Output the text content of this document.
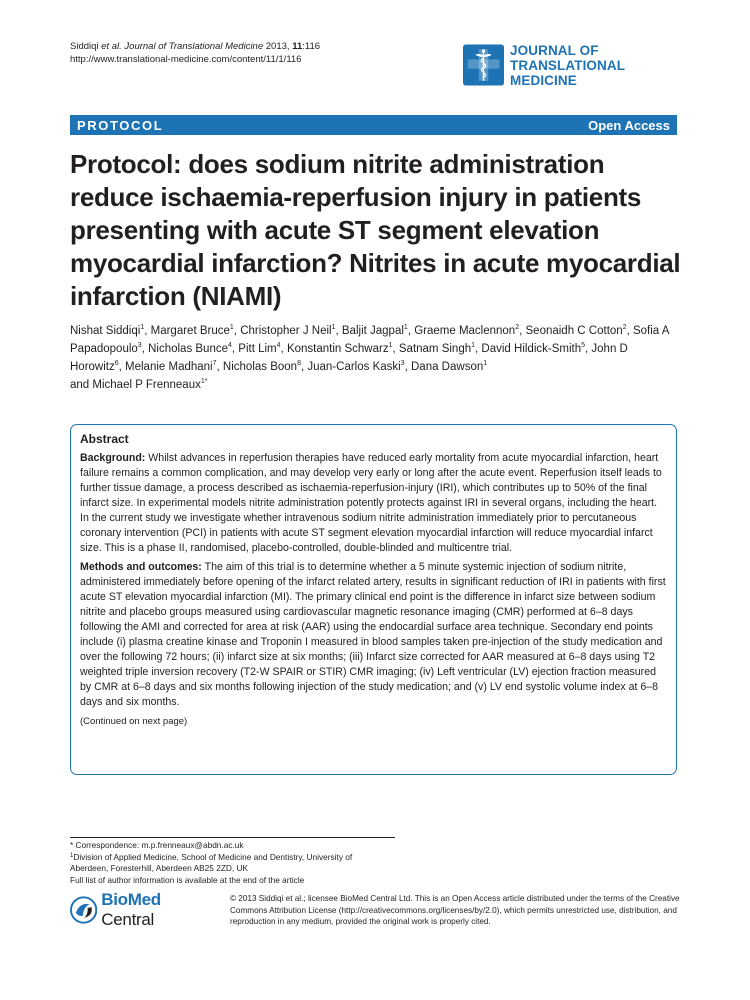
Siddiqi et al. Journal of Translational Medicine 2013, 11:116
http://www.translational-medicine.com/content/11/1/116
JOURNAL OF
TRANSLATIONAL MEDICINE
PROTOCOL	Open Access
Protocol: does sodium nitrite administration reduce ischaemia-reperfusion injury in patients presenting with acute ST segment elevation myocardial infarction? Nitrites in acute myocardial infarction (NIAMI)
Nishat Siddiqi$^1$, Margaret Bruce$^1$, Christopher J Neil$^1$, Baljit Jagpal$^1$, Graeme Maclennon$^2$, Seonaidh C Cotton$^2$, Sofia A Papadopoulo$^3$, Nicholas Bunce$^4$, Pitt Lim$^4$, Konstantin Schwarz$^1$, Satnam Singh$^1$, David Hildick-Smith$^5$, John D Horowitz$^6$, Melanie Madhani$^7$, Nicholas Boon$^8$, Juan-Carlos Kaski$^3$, Dana Dawson$^1$
and Michael P Frenneaux$^{1*}$
Abstract

Background: Whilst advances in reperfusion therapies have reduced early mortality from acute myocardial infarction, heart failure remains a common complication, and may develop very early or long after the acute event. Reperfusion itself leads to further tissue damage, a process described as ischaemia-reperfusion-injury (IRI), which contributes up to 50% of the final infarct size. In experimental models nitrite administration potently protects against IRI in several organs, including the heart. In the current study we investigate whether intravenous sodium nitrite administration immediately prior to percutaneous coronary intervention (PCI) in patients with acute ST segment elevation myocardial infarction will reduce myocardial infarct size. This is a phase II, randomised, placebo-controlled, double-blinded and multicentre trial.

Methods and outcomes: The aim of this trial is to determine whether a 5 minute systemic injection of sodium nitrite, administered immediately before opening of the infarct related artery, results in significant reduction of IRI in patients with first acute ST elevation myocardial infarction (MI). The primary clinical end point is the difference in infarct size between sodium nitrite and placebo groups measured using cardiovascular magnetic resonance imaging (CMR) performed at 6–8 days following the AMI and corrected for area at risk (AAR) using the endocardial surface area technique. Secondary end points include (i) plasma creatine kinase and Troponin I measured in blood samples taken pre-injection of the study medication and over the following 72 hours; (ii) infarct size at six months; (iii) Infarct size corrected for AAR measured at 6–8 days using T2 weighted triple inversion recovery (T2-W SPAIR or STIR) CMR imaging; (iv) Left ventricular (LV) ejection fraction measured by CMR at 6–8 days and six months following injection of the study medication; and (v) LV end systolic volume index at 6–8 days and six months.

(Continued on next page)
* Correspondence: m.p.frenneaux@abdn.ac.uk
$^1$Division of Applied Medicine, School of Medicine and Dentistry, University of Aberdeen, Foresterhill, Aberdeen AB25 2ZD, UK
Full list of author information is available at the end of the article
BioMed Central
© 2013 Siddiqi et al.; licensee BioMed Central Ltd. This is an Open Access article distributed under the terms of the Creative Commons Attribution License (http://creativecommons.org/licenses/by/2.0), which permits unrestricted use, distribution, and reproduction in any medium, provided the original work is properly cited.
